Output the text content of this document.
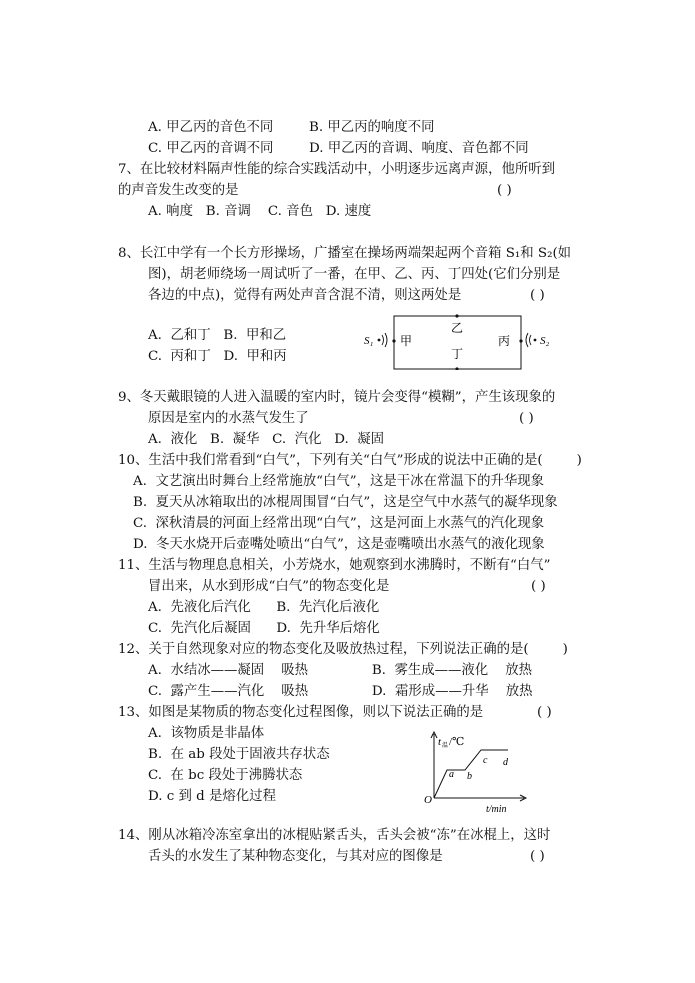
A. 甲乙丙的音色不同	B. 甲乙丙的响度不同
C. 甲乙丙的音调不同	D. 甲乙丙的音调、响度、音色都不同
7、在比较材料隔声性能的综合实践活动中，小明逐步远离声源，他所听到
的声音发生改变的是	( )
A. 响度   B. 音调    C. 音色   D. 速度
8、长江中学有一个长方形操场，广播室在操场两端架起两个音箱 S₁和 S₂(如
图)，胡老师绕场一周试听了一番，在甲、乙、丙、丁四处(它们分别是
各边的中点)，觉得有两处声音含混不清，则这两处是	( )
A.  乙和丁   B.  甲和乙
C.  丙和丁   D.  甲和丙
S₁	S₂
甲
乙
丙
丁
9、冬天戴眼镜的人进入温暖的室内时，镜片会变得“模糊”，产生该现象的
原因是室内的水蒸气发生了	( )
A.  液化   B.  凝华   C.  汽化   D.  凝固
10、生活中我们常看到“白气”，下列有关“白气”形成的说法中正确的是(        )
A.  文艺演出时舞台上经常施放“白气”，这是干冰在常温下的升华现象
B.  夏天从冰箱取出的冰棍周围冒“白气”，这是空气中水蒸气的凝华现象
C.  深秋清晨的河面上经常出现“白气”，这是河面上水蒸气的汽化现象
D.  冬天水烧开后壶嘴处喷出“白气”，这是壶嘴喷出水蒸气的液化现象
11、生活与物理息息相关，小芳烧水，她观察到水沸腾时，不断有“白气”
冒出来，从水到形成“白气”的物态变化是	( )
A.  先液化后汽化      B.  先汽化后液化
C.  先汽化后凝固      D.  先升华后熔化
12、关于自然现象对应的物态变化及吸放热过程，下列说法正确的是(        )
A.  水结冰——凝固    吸热               B.  雾生成——液化    放热
C.  露产生——汽化    吸热               D.  霜形成——升华    放热
13、如图是某物质的物态变化过程图像，则以下说法正确的是	( )
A.  该物质是非晶体
B.  在 ab 段处于固液共存状态
C.  在 bc 段处于沸腾状态
D. c 到 d 是熔化过程
t 温 /℃
O
t/min
a b
c d
14、刚从冰箱冷冻室拿出的冰棍贴紧舌头，舌头会被“冻”在冰棍上，这时
舌头的水发生了某种物态变化，与其对应的图像是	( )
